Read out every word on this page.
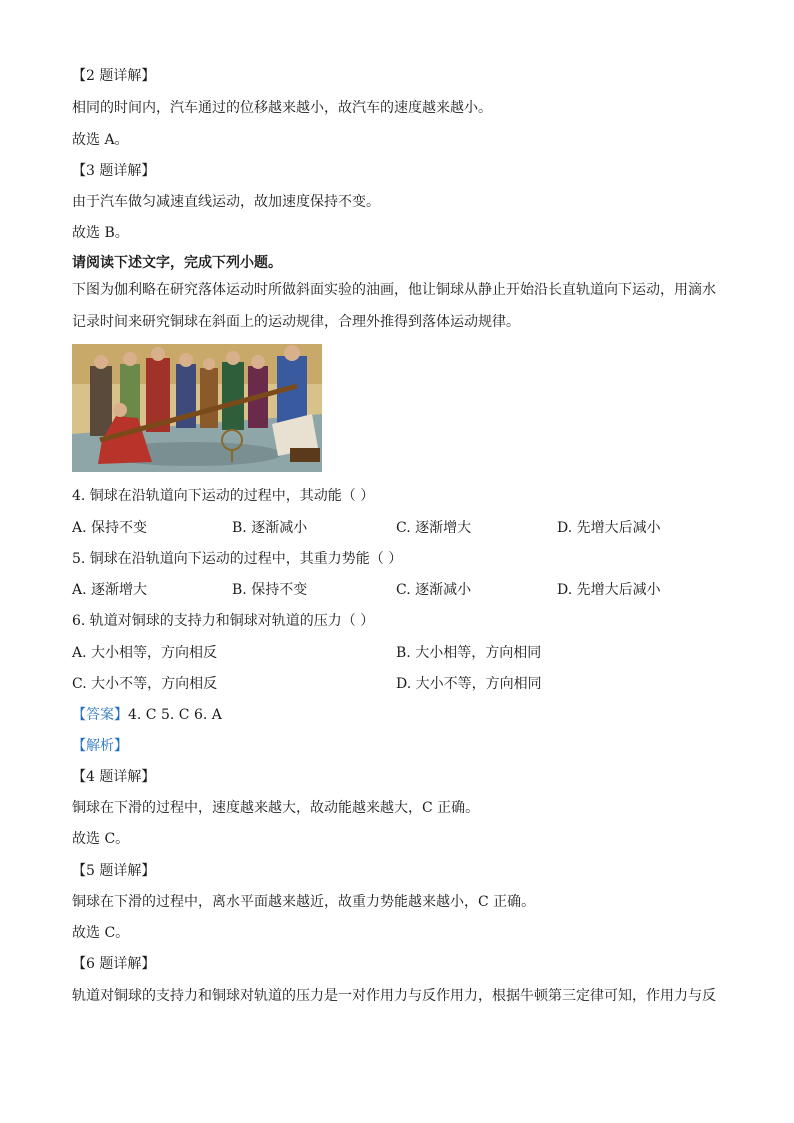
【2 题详解】
相同的时间内，汽车通过的位移越来越小，故汽车的速度越来越小。
故选 A。
【3 题详解】
由于汽车做匀减速直线运动，故加速度保持不变。
故选 B。
请阅读下述文字，完成下列小题。
下图为伽利略在研究落体运动时所做斜面实验的油画，他让铜球从静止开始沿长直轨道向下运动，用滴水
记录时间来研究铜球在斜面上的运动规律，合理外推得到落体运动规律。
4. 铜球在沿轨道向下运动的过程中，其动能（ ）
A. 保持不变	B. 逐渐减小	C. 逐渐增大	D. 先增大后减小
5. 铜球在沿轨道向下运动的过程中，其重力势能（ ）
A. 逐渐增大	B. 保持不变	C. 逐渐减小	D. 先增大后减小
6. 轨道对铜球的支持力和铜球对轨道的压力（ ）
A. 大小相等，方向相反	B. 大小相等，方向相同
C. 大小不等，方向相反	D. 大小不等，方向相同
【答案】4. C 5. C 6. A
【解析】
【4 题详解】
铜球在下滑的过程中，速度越来越大，故动能越来越大，C 正确。
故选 C。
【5 题详解】
铜球在下滑的过程中，离水平面越来越近，故重力势能越来越小，C 正确。
故选 C。
【6 题详解】
轨道对铜球的支持力和铜球对轨道的压力是一对作用力与反作用力，根据牛顿第三定律可知，作用力与反
